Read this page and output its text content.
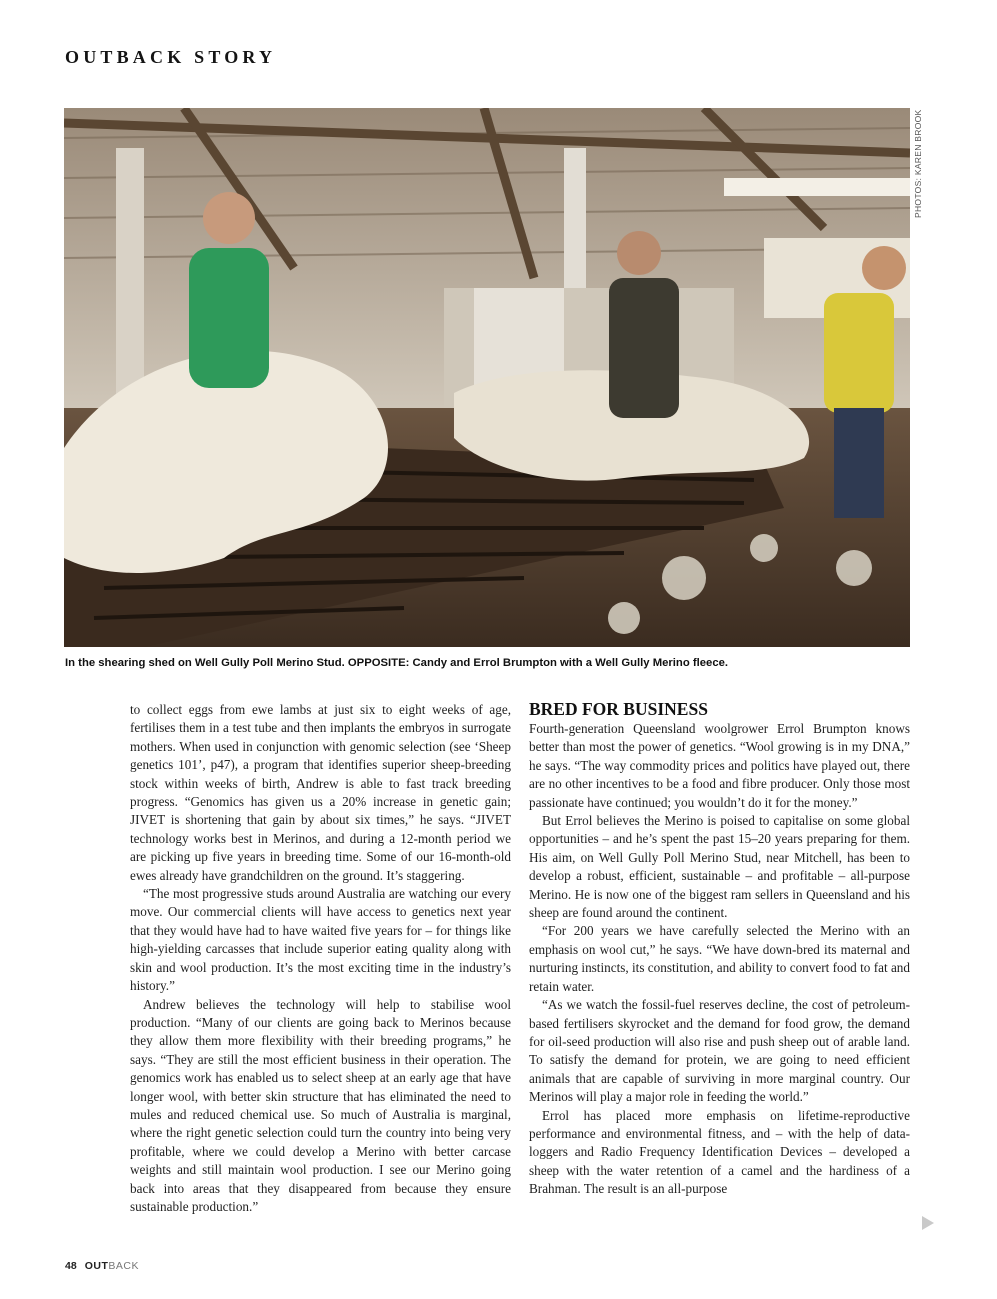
OUTBACK STORY
PHOTOS: KAREN BROOK
In the shearing shed on Well Gully Poll Merino Stud. OPPOSITE: Candy and Errol Brumpton with a Well Gully Merino fleece.

to collect eggs from ewe lambs at just six to eight weeks of age, fertilises them in a test tube and then implants the embryos in surrogate mothers. When used in conjunction with genomic selection (see ‘Sheep genetics 101’, p47), a program that identifies superior sheep-breeding stock within weeks of birth, Andrew is able to fast track breeding progress. “Genomics has given us a 20% increase in genetic gain; JIVET is shortening that gain by about six times,” he says. “JIVET technology works best in Merinos, and during a 12-month period we are picking up five years in breeding time. Some of our 16-month-old ewes already have grandchildren on the ground. It’s staggering.

“The most progressive studs around Australia are watching our every move. Our commercial clients will have access to genetics next year that they would have had to have waited five years for – for things like high-yielding carcasses that include superior eating quality along with skin and wool production. It’s the most exciting time in the industry’s history.”

Andrew believes the technology will help to stabilise wool production. “Many of our clients are going back to Merinos because they allow them more flexibility with their breeding programs,” he says. “They are still the most efficient business in their operation. The genomics work has enabled us to select sheep at an early age that have longer wool, with better skin structure that has eliminated the need to mules and reduced chemical use. So much of Australia is marginal, where the right genetic selection could turn the country into being very profitable, where we could develop a Merino with better carcase weights and still maintain wool production. I see our Merino going back into areas that they disappeared from because they ensure sustainable production.”

BRED FOR BUSINESS

Fourth-generation Queensland woolgrower Errol Brumpton knows better than most the power of genetics. “Wool growing is in my DNA,” he says. “The way commodity prices and politics have played out, there are no other incentives to be a food and fibre producer. Only those most passionate have continued; you wouldn’t do it for the money.”

But Errol believes the Merino is poised to capitalise on some global opportunities – and he’s spent the past 15–20 years preparing for them. His aim, on Well Gully Poll Merino Stud, near Mitchell, has been to develop a robust, efficient, sustainable – and profitable – all-purpose Merino. He is now one of the biggest ram sellers in Queensland and his sheep are found around the continent.

“For 200 years we have carefully selected the Merino with an emphasis on wool cut,” he says. “We have down-bred its maternal and nurturing instincts, its constitution, and ability to convert food to fat and retain water.

“As we watch the fossil-fuel reserves decline, the cost of petroleum-based fertilisers skyrocket and the demand for food grow, the demand for oil-seed production will also rise and push sheep out of arable land. To satisfy the demand for protein, we are going to need efficient animals that are capable of surviving in more marginal country. Our Merinos will play a major role in feeding the world.”

Errol has placed more emphasis on lifetime-reproductive performance and environmental fitness, and – with the help of data-loggers and Radio Frequency Identification Devices – developed a sheep with the water retention of a camel and the hardiness of a Brahman. The result is an all-purpose

48 OUTBACK
